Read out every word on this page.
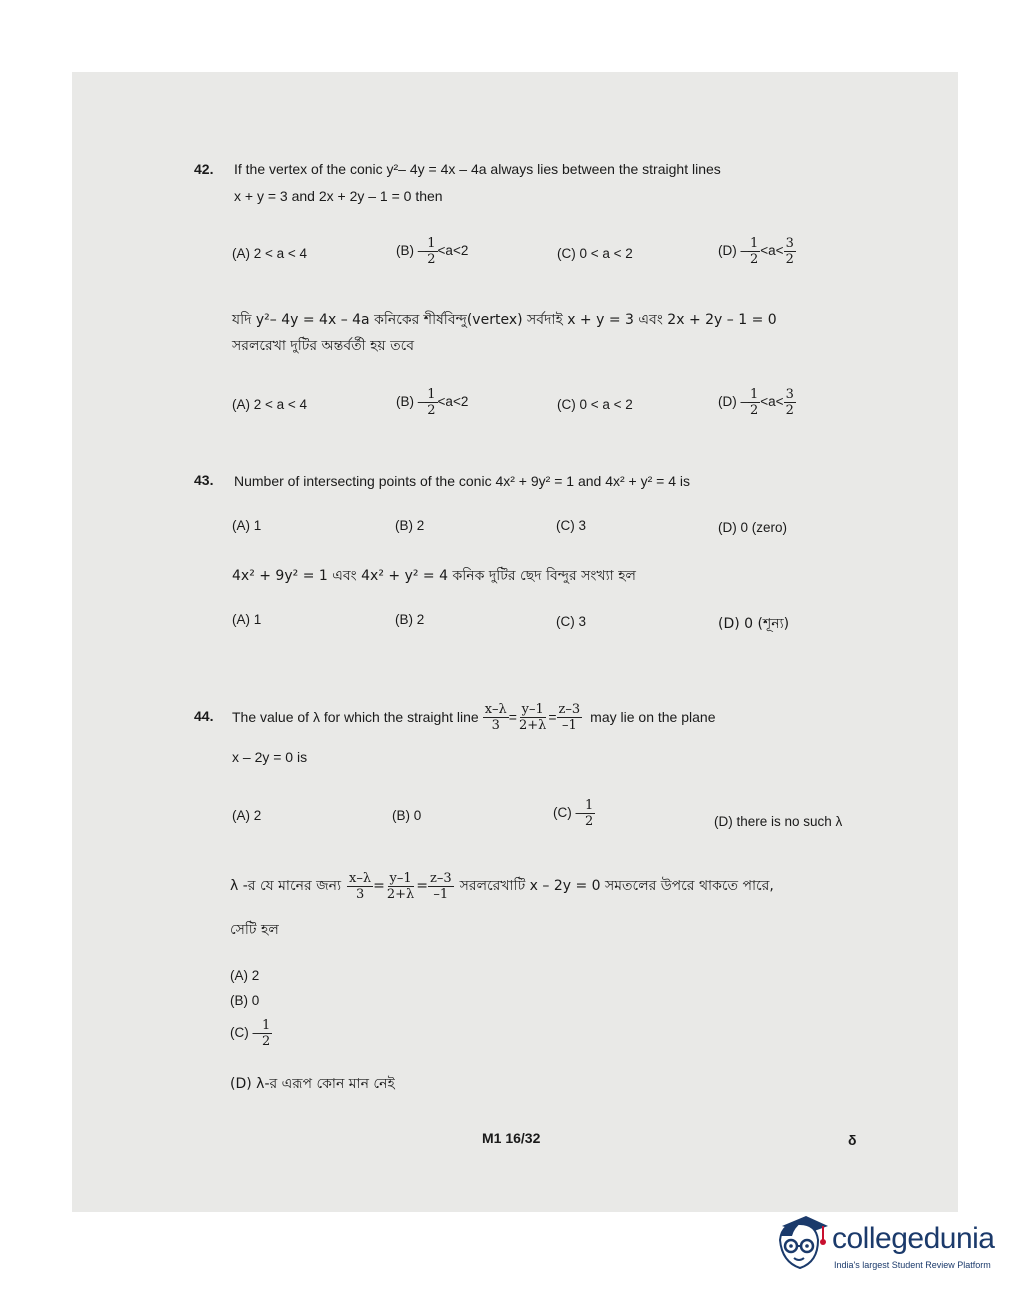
42. If the vertex of the conic y²– 4y = 4x – 4a always lies between the straight lines
x + y = 3 and 2x + 2y – 1 = 0 then
(A) 2 < a < 4	$(B) - \frac{1}{2} <a<2$	(C) 0 < a < 2	$(D) - \frac{1}{2} <a< \frac{3}{2}$
যদি y²– 4y = 4x – 4a কনিকের শীর্ষবিন্দু(vertex) সর্বদাই x + y = 3 এবং 2x + 2y – 1 = 0
সরলরেখা দুটির অন্তর্বর্তী হয় তবে
(A) 2 < a < 4	$(B) - \frac{1}{2} <a<2$	(C) 0 < a < 2	$(D) - \frac{1}{2} <a< \frac{3}{2}$
43. Number of intersecting points of the conic 4x² + 9y² = 1 and 4x² + y² = 4 is
(A) 1	(B) 2	(C) 3	(D) 0 (zero)
4x² + 9y² = 1 এবং 4x² + y² = 4 কনিক দুটির ছেদ বিন্দুর সংখ্যা হল
(A) 1	(B) 2	(C) 3	(D) 0 (শূন্য)
44. The value of λ for which the straight line $\frac{x-\lambda}{3} = \frac{y-1}{2+\lambda} = \frac{z-3}{-1}$ may lie on the plane
x – 2y = 0 is
(A) 2	(B) 0	$(C) - \frac{1}{2}$	(D) there is no such λ
λ -র যে মানের জন্য $\frac{x-\lambda}{3} = \frac{y-1}{2+\lambda} = \frac{z-3}{-1}$ সরলরেখাটি x – 2y = 0 সমতলের উপরে থাকতে পারে,
সেটি হল
(A) 2
(B) 0
$(C) - \frac{1}{2}$
(D) λ-র এরূপ কোন মান নেই
M1 16/32	δ
collegedunia
India's largest Student Review Platform
